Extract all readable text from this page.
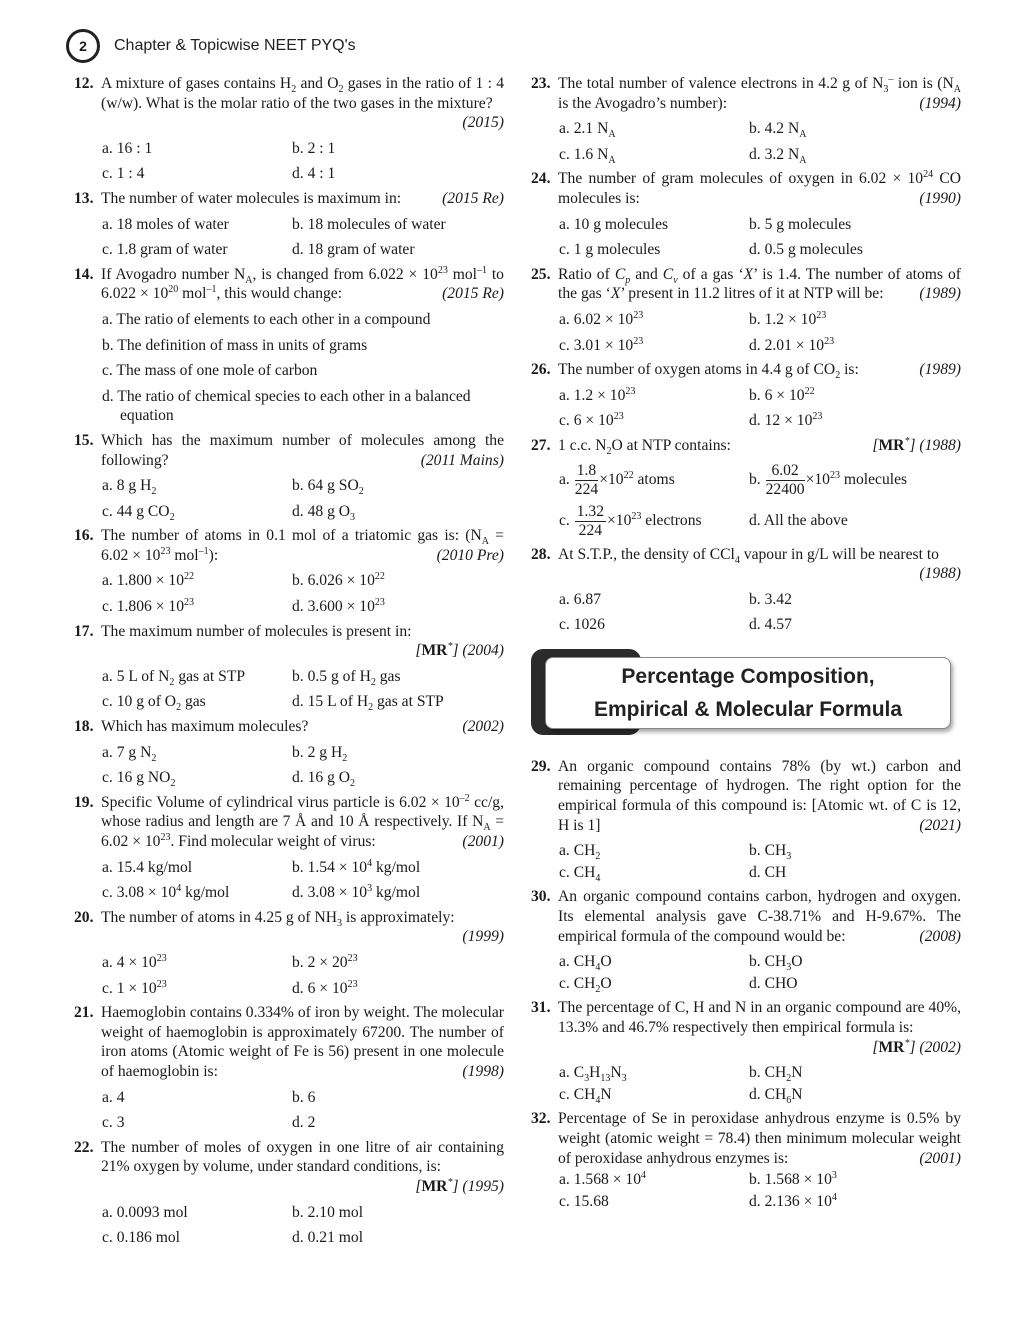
2	Chapter & Topicwise NEET PYQ's
12. A mixture of gases contains $H_2$ and $O_2$ gases in the ratio of 1 : 4 (w/w). What is the molar ratio of the two gases in the mixture?
(2015)
a. 16 : 1	b. 2 : 1
c. 1 : 4	d. 4 : 1
13. The number of water molecules is maximum in:	(2015 Re)
a. 18 moles of water	b. 18 molecules of water
c. 1.8 gram of water	d. 18 gram of water
14. If Avogadro number $N_A$, is changed from $6.022 \times 10^{23}$ mol$^{-1}$ to $6.022 \times 10^{20}$ mol$^{-1}$, this would change:	(2015 Re)
a. The ratio of elements to each other in a compound
b. The definition of mass in units of grams
c. The mass of one mole of carbon
d. The ratio of chemical species to each other in a balanced equation
15. Which has the maximum number of molecules among the following?	(2011 Mains)
a. 8 g $H_2$	b. 64 g $SO_2$
c. 44 g $CO_2$	d. 48 g $O_3$
16. The number of atoms in 0.1 mol of a triatomic gas is: ($N_A = 6.02 \times 10^{23}$ mol$^{-1}$):	(2010 Pre)
a. $1.800 \times 10^{22}$	b. $6.026 \times 10^{22}$
c. $1.806 \times 10^{23}$	d. $3.600 \times 10^{23}$
17. The maximum number of molecules is present in:
[MR*] (2004)
a. 5 L of $N_2$ gas at STP	b. 0.5 g of $H_2$ gas
c. 10 g of $O_2$ gas	d. 15 L of $H_2$ gas at STP
18. Which has maximum molecules?	(2002)
a. 7 g $N_2$	b. 2 g $H_2$
c. 16 g $NO_2$	d. 16 g $O_2$
19. Specific Volume of cylindrical virus particle is $6.02 \times 10^{-2}$ cc/g, whose radius and length are 7 Å and 10 Å respectively. If $N_A = 6.02 \times 10^{23}$. Find molecular weight of virus:	(2001)
a. 15.4 kg/mol	b. $1.54 \times 10^4$ kg/mol
c. $3.08 \times 10^4$ kg/mol	d. $3.08 \times 10^3$ kg/mol
20. The number of atoms in 4.25 g of $NH_3$ is approximately:
(1999)
a. $4 \times 10^{23}$	b. $2 \times 20^{23}$
c. $1 \times 10^{23}$	d. $6 \times 10^{23}$
21. Haemoglobin contains 0.334% of iron by weight. The molecular weight of haemoglobin is approximately 67200. The number of iron atoms (Atomic weight of Fe is 56) present in one molecule of haemoglobin is:	(1998)
a. 4	b. 6
c. 3	d. 2
22. The number of moles of oxygen in one litre of air containing 21% oxygen by volume, under standard conditions, is:
[MR*] (1995)
a. 0.0093 mol	b. 2.10 mol
c. 0.186 mol	d. 0.21 mol
23. The total number of valence electrons in 4.2 g of $N_3^-$ ion is ($N_A$ is the Avogadro’s number):	(1994)
a. 2.1 $N_A$	b. 4.2 $N_A$
c. 1.6 $N_A$	d. 3.2 $N_A$
24. The number of gram molecules of oxygen in $6.02 \times 10^{24}$ CO molecules is:	(1990)
a. 10 g molecules	b. 5 g molecules
c. 1 g molecules	d. 0.5 g molecules
25. Ratio of $C_p$ and $C_v$ of a gas ‘X’ is 1.4. The number of atoms of the gas ‘X’ present in 11.2 litres of it at NTP will be:	(1989)
a. $6.02 \times 10^{23}$	b. $1.2 \times 10^{23}$
c. $3.01 \times 10^{23}$	d. $2.01 \times 10^{23}$
26. The number of oxygen atoms in 4.4 g of $CO_2$ is:	(1989)
a. $1.2 \times 10^{23}$	b. $6 \times 10^{22}$
c. $6 \times 10^{23}$	d. $12 \times 10^{23}$
27. 1 c.c. $N_2O$ at NTP contains:	[MR*] (1988)
a. $\frac{1.8}{224} \times 10^{22}$ atoms	b. $\frac{6.02}{22400} \times 10^{23}$ molecules
c. $\frac{1.32}{224} \times 10^{23}$ electrons	d. All the above
28. At S.T.P., the density of CCl$_4$ vapour in g/L will be nearest to
(1988)
a. 6.87	b. 3.42
c. 1026	d. 4.57
Percentage Composition,
Empirical & Molecular Formula
29. An organic compound contains 78% (by wt.) carbon and remaining percentage of hydrogen. The right option for the empirical formula of this compound is: [Atomic wt. of C is 12, H is 1]	(2021)
a. $CH_2$	b. $CH_3$
c. $CH_4$	d. CH
30. An organic compound contains carbon, hydrogen and oxygen. Its elemental analysis gave C-38.71% and H-9.67%. The empirical formula of the compound would be:	(2008)
a. $CH_4O$	b. $CH_3O$
c. $CH_2O$	d. CHO
31. The percentage of C, H and N in an organic compound are 40%, 13.3% and 46.7% respectively then empirical formula is:
[MR*] (2002)
a. $C_3H_{13}N_3$	b. $CH_2N$
c. $CH_4N$	d. $CH_6N$
32. Percentage of Se in peroxidase anhydrous enzyme is 0.5% by weight (atomic weight = 78.4) then minimum molecular weight of peroxidase anhydrous enzymes is:	(2001)
a. $1.568 \times 10^4$	b. $1.568 \times 10^3$
c. 15.68	d. $2.136 \times 10^4$
